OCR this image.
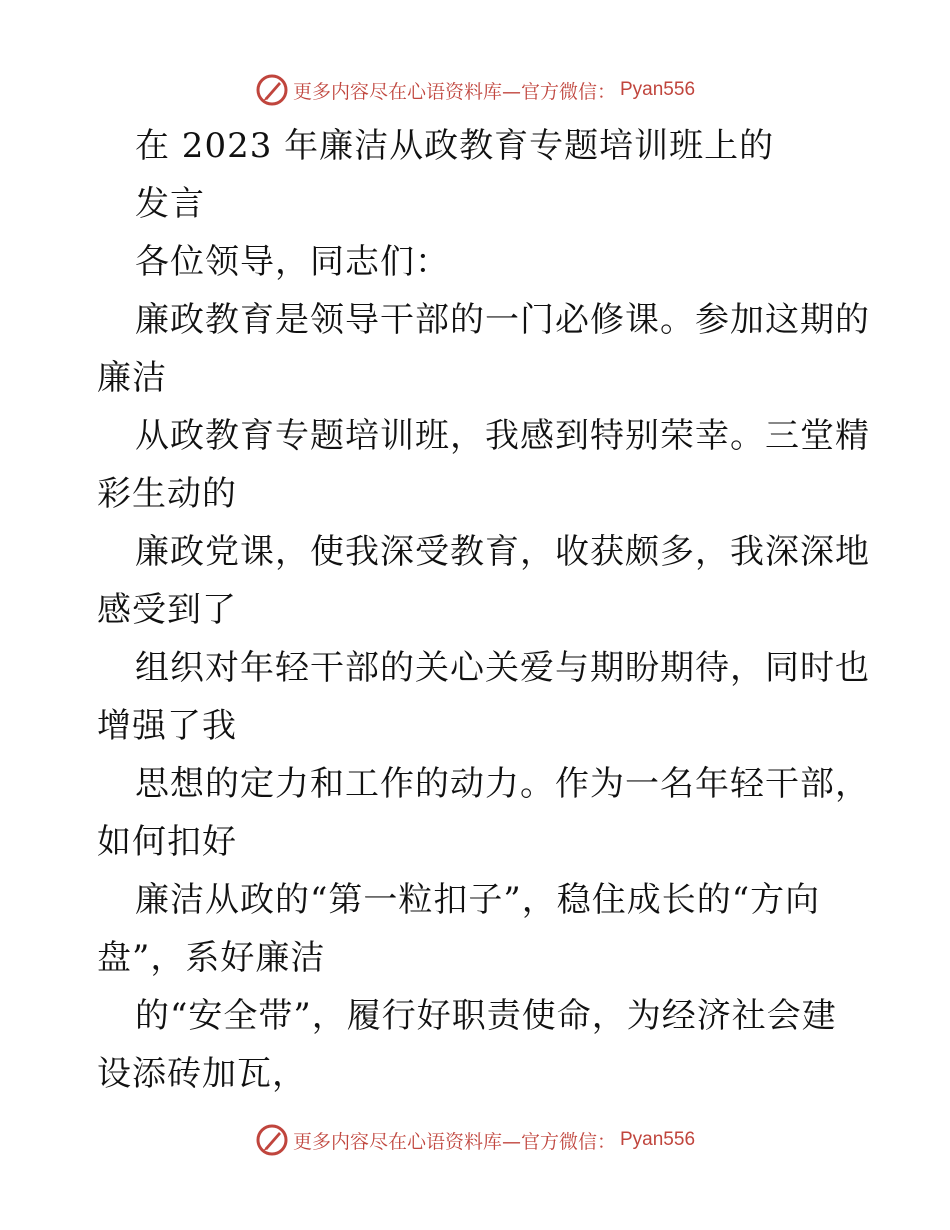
更多内容尽在心语资料库—官方微信： Pyan556
在 2023 年廉洁从政教育专题培训班上的
发言
各位领导，同志们：
廉政教育是领导干部的一门必修课。参加这期的
廉洁
从政教育专题培训班，我感到特别荣幸。三堂精
彩生动的
廉政党课，使我深受教育，收获颇多，我深深地
感受到了
组织对年轻干部的关心关爱与期盼期待，同时也
增强了我
思想的定力和工作的动力。作为一名年轻干部，
如何扣好
廉洁从政的“第一粒扣子”，稳住成长的“方向
盘”，系好廉洁
的“安全带”，履行好职责使命，为经济社会建
设添砖加瓦，
更多内容尽在心语资料库—官方微信： Pyan556
